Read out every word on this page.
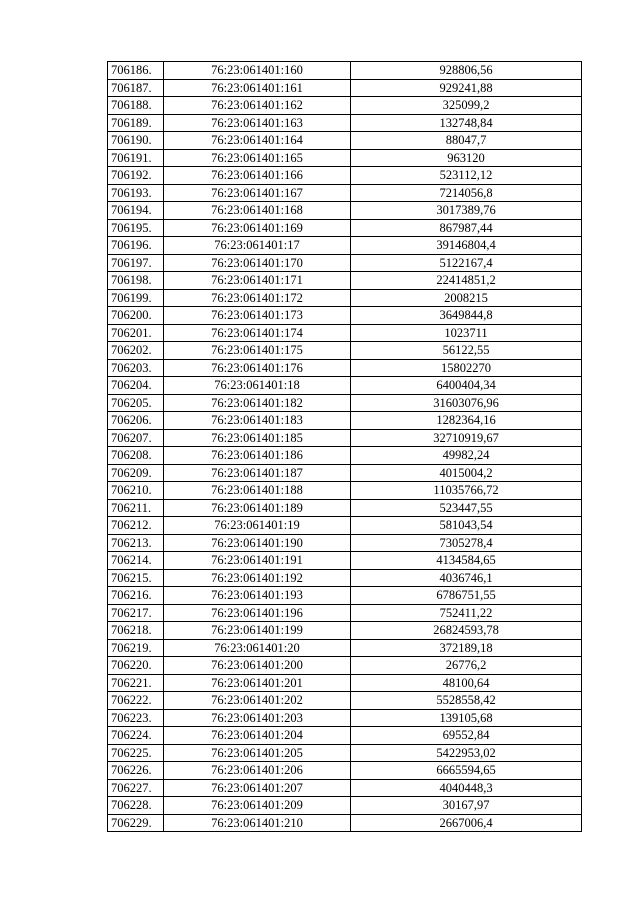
706186.	76:23:061401:160	928806,56
706187.	76:23:061401:161	929241,88
706188.	76:23:061401:162	325099,2
706189.	76:23:061401:163	132748,84
706190.	76:23:061401:164	88047,7
706191.	76:23:061401:165	963120
706192.	76:23:061401:166	523112,12
706193.	76:23:061401:167	7214056,8
706194.	76:23:061401:168	3017389,76
706195.	76:23:061401:169	867987,44
706196.	76:23:061401:17	39146804,4
706197.	76:23:061401:170	5122167,4
706198.	76:23:061401:171	22414851,2
706199.	76:23:061401:172	2008215
706200.	76:23:061401:173	3649844,8
706201.	76:23:061401:174	1023711
706202.	76:23:061401:175	56122,55
706203.	76:23:061401:176	15802270
706204.	76:23:061401:18	6400404,34
706205.	76:23:061401:182	31603076,96
706206.	76:23:061401:183	1282364,16
706207.	76:23:061401:185	32710919,67
706208.	76:23:061401:186	49982,24
706209.	76:23:061401:187	4015004,2
706210.	76:23:061401:188	11035766,72
706211.	76:23:061401:189	523447,55
706212.	76:23:061401:19	581043,54
706213.	76:23:061401:190	7305278,4
706214.	76:23:061401:191	4134584,65
706215.	76:23:061401:192	4036746,1
706216.	76:23:061401:193	6786751,55
706217.	76:23:061401:196	752411,22
706218.	76:23:061401:199	26824593,78
706219.	76:23:061401:20	372189,18
706220.	76:23:061401:200	26776,2
706221.	76:23:061401:201	48100,64
706222.	76:23:061401:202	5528558,42
706223.	76:23:061401:203	139105,68
706224.	76:23:061401:204	69552,84
706225.	76:23:061401:205	5422953,02
706226.	76:23:061401:206	6665594,65
706227.	76:23:061401:207	4040448,3
706228.	76:23:061401:209	30167,97
706229.	76:23:061401:210	2667006,4
